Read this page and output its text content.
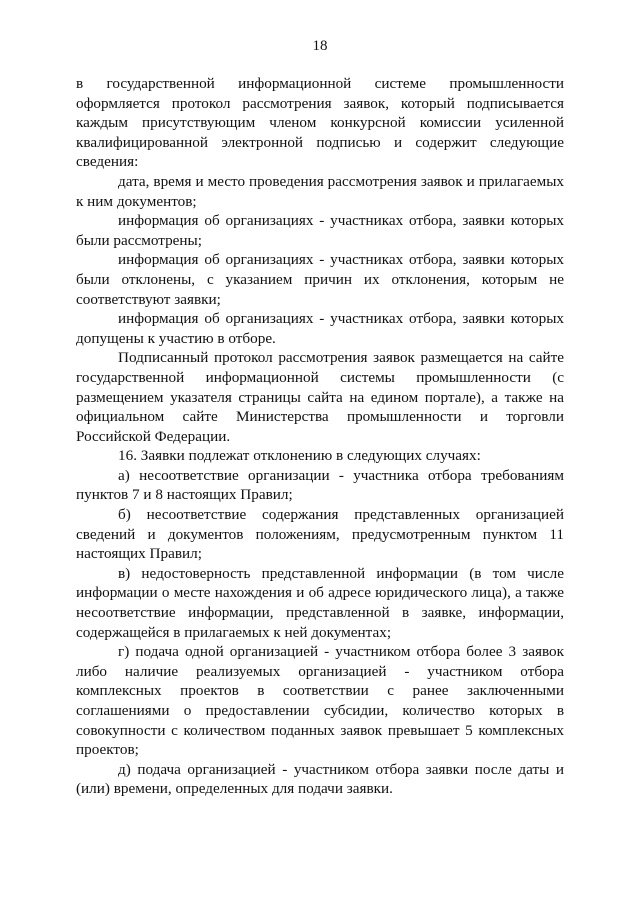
18

в государственной информационной системе промышленности оформляется протокол рассмотрения заявок, который подписывается каждым присутствующим членом конкурсной комиссии усиленной квалифицированной электронной подписью и содержит следующие сведения:

дата, время и место проведения рассмотрения заявок и прилагаемых к ним документов;

информация об организациях - участниках отбора, заявки которых были рассмотрены;

информация об организациях - участниках отбора, заявки которых были отклонены, с указанием причин их отклонения, которым не соответствуют заявки;

информация об организациях - участниках отбора, заявки которых допущены к участию в отборе.

Подписанный протокол рассмотрения заявок размещается на сайте государственной информационной системы промышленности (с размещением указателя страницы сайта на едином портале), а также на официальном сайте Министерства промышленности и торговли Российской Федерации.

16. Заявки подлежат отклонению в следующих случаях:

а) несоответствие организации - участника отбора требованиям пунктов 7 и 8 настоящих Правил;

б) несоответствие содержания представленных организацией сведений и документов положениям, предусмотренным пунктом 11 настоящих Правил;

в) недостоверность представленной информации (в том числе информации о месте нахождения и об адресе юридического лица), а также несоответствие информации, представленной в заявке, информации, содержащейся в прилагаемых к ней документах;

г) подача одной организацией - участником отбора более 3 заявок либо наличие реализуемых организацией - участником отбора комплексных проектов в соответствии с ранее заключенными соглашениями о предоставлении субсидии, количество которых в совокупности с количеством поданных заявок превышает 5 комплексных проектов;

д) подача организацией - участником отбора заявки после даты и (или) времени, определенных для подачи заявки.
